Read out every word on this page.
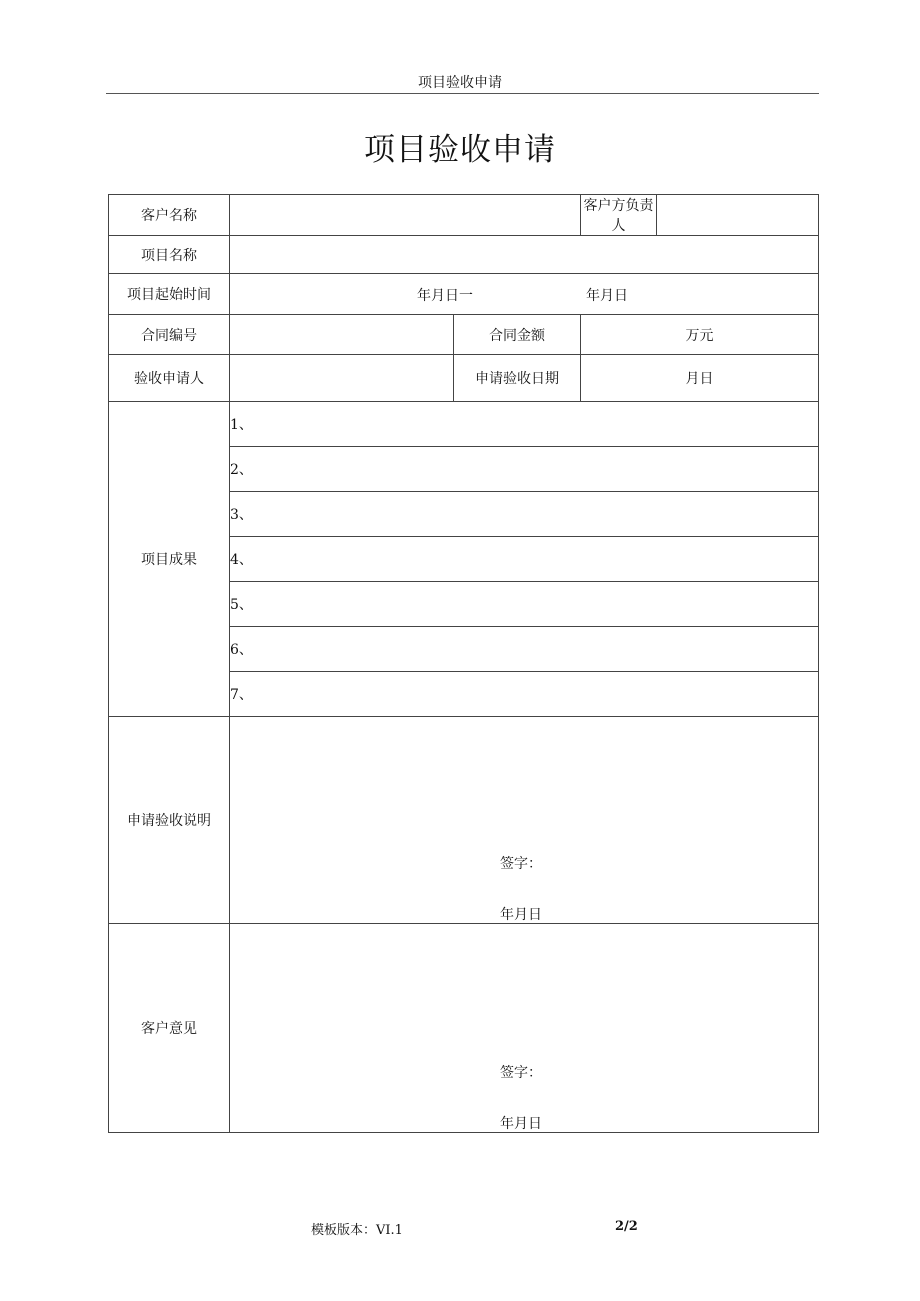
项目验收申请
项目验收申请
客户名称			客户方负责人	
项目名称				
项目起始时间	年月日一 年月日			

合同编号		合同金额	万元	
验收申请人		申请验收日期	月日	
项目成果	1、			
	2、			
	3、			
	4、			
	5、			
	6、			
	7、			
申请验收说明	签字：
年月日			

客户意见	签字：
年月日			
模板版本：VI.1	2/2
